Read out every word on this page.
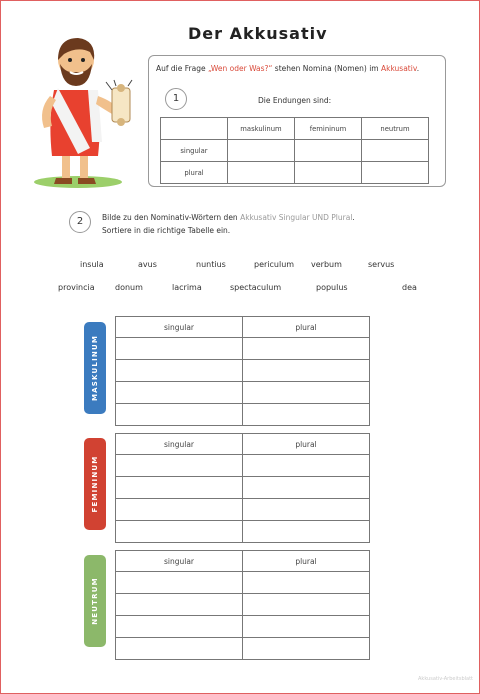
Der Akkusativ
Auf die Frage „Wen oder Was?“ stehen Nomina (Nomen) im Akkusativ.
1	Die Endungen sind:
	maskulinum	femininum	neutrum
singular			
plural			
2	Bilde zu den Nominativ-Wörtern den Akkusativ Singular UND Plural.
Sortiere in die richtige Tabelle ein.
insula	avus	nuntius	periculum verbum	servus
provincia	donum	lacrima	spectaculum	populus	dea
MASKULINUM
singular	plural

FEMININUM
singular	plural

NEUTRUM
singular	plural

Akkusativ-Arbeitsblatt
